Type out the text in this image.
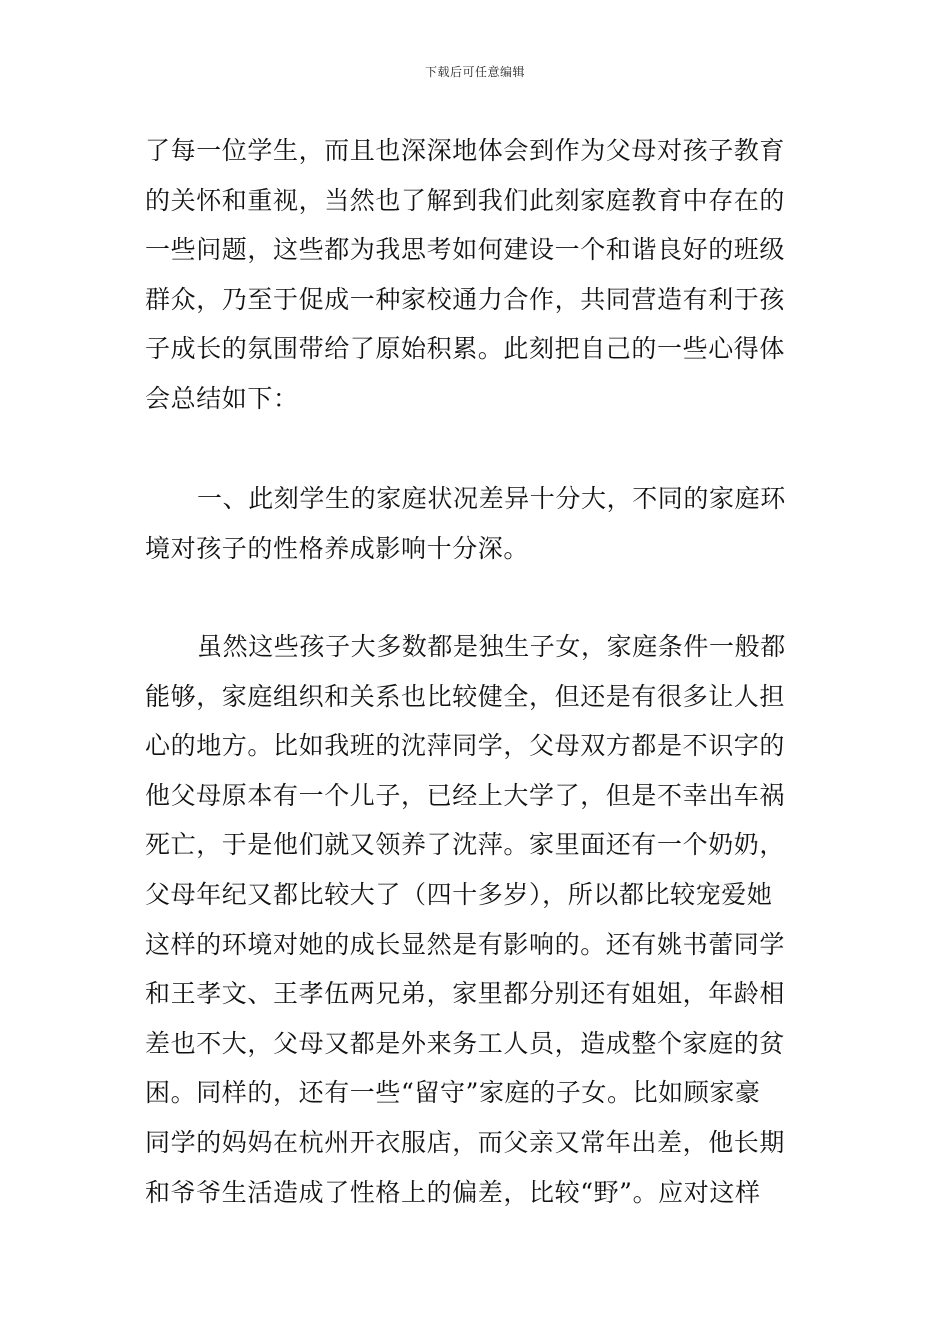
下载后可任意编辑
了每一位学生，而且也深深地体会到作为父母对孩子教育
的关怀和重视，当然也了解到我们此刻家庭教育中存在的
一些问题，这些都为我思考如何建设一个和谐良好的班级
群众，乃至于促成一种家校通力合作，共同营造有利于孩
子成长的氛围带给了原始积累。此刻把自己的一些心得体
会总结如下：
一、此刻学生的家庭状况差异十分大，不同的家庭环
境对孩子的性格养成影响十分深。
虽然这些孩子大多数都是独生子女，家庭条件一般都
能够，家庭组织和关系也比较健全，但还是有很多让人担
心的地方。比如我班的沈萍同学，父母双方都是不识字的
他父母原本有一个儿子，已经上大学了，但是不幸出车祸
死亡，于是他们就又领养了沈萍。家里面还有一个奶奶，
父母年纪又都比较大了（四十多岁），所以都比较宠爱她
这样的环境对她的成长显然是有影响的。还有姚书蕾同学
和王孝文、王孝伍两兄弟，家里都分别还有姐姐，年龄相
差也不大，父母又都是外来务工人员，造成整个家庭的贫
困。同样的，还有一些“留守”家庭的子女。比如顾家豪
同学的妈妈在杭州开衣服店，而父亲又常年出差，他长期
和爷爷生活造成了性格上的偏差，比较“野”。应对这样
